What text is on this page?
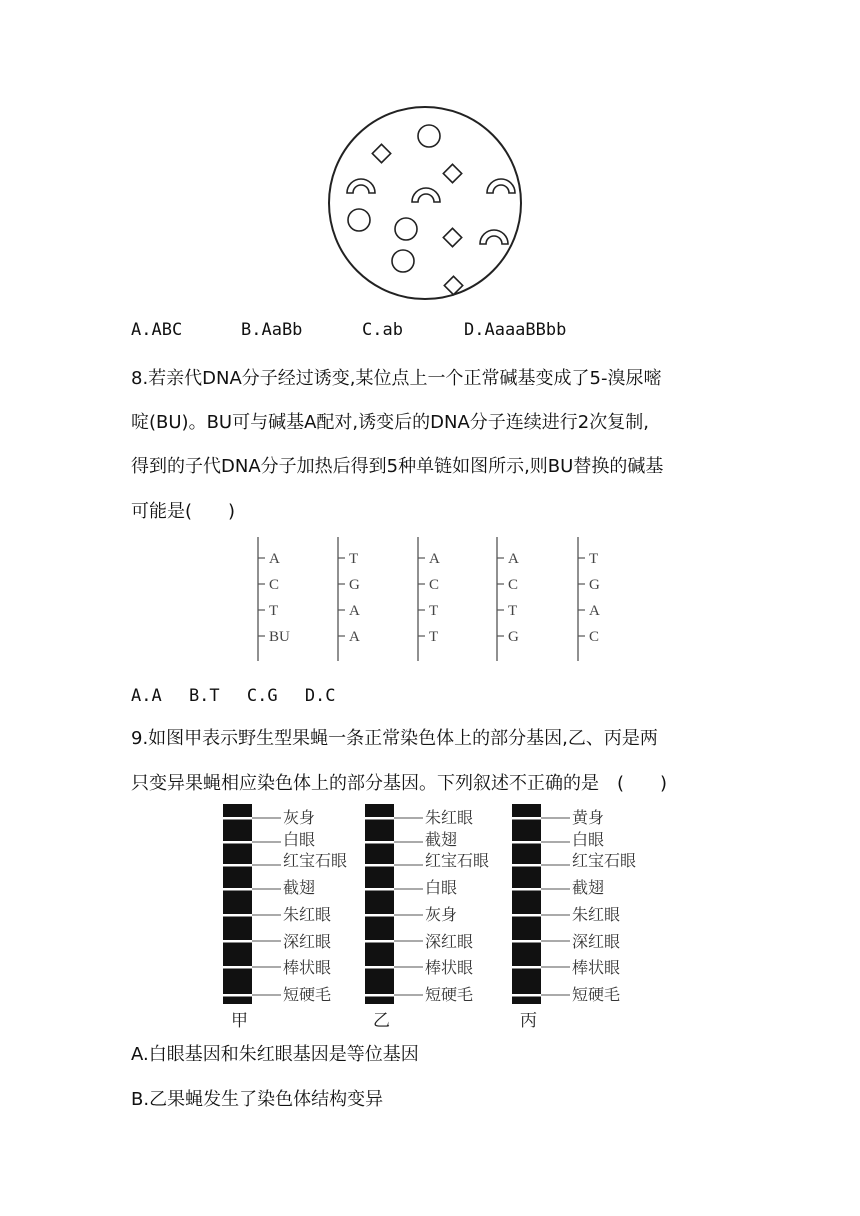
A.ABC	B.AaBb	C.ab	D.AaaaBBbb
8.若亲代DNA分子经过诱变,某位点上一个正常碱基变成了5-溴尿嘧
啶(BU)。BU可与碱基A配对,诱变后的DNA分子连续进行2次复制,
得到的子代DNA分子加热后得到5种单链如图所示,则BU替换的碱基
可能是(　　)
A
C
T
BU
T
G
A
A
A
C
T
T
A
C
T
G
T
G
A
C
A.A　 B.T　 C.G　 D.C
9.如图甲表示野生型果蝇一条正常染色体上的部分基因,乙、丙是两
只变异果蝇相应染色体上的部分基因。下列叙述不正确的是　(　　)
灰身
白眼
红宝石眼
截翅
朱红眼
深红眼
棒状眼
短硬毛
甲
朱红眼
截翅
红宝石眼
白眼
灰身
深红眼
棒状眼
短硬毛
乙
黄身
白眼
红宝石眼
截翅
朱红眼
深红眼
棒状眼
短硬毛
丙
A.白眼基因和朱红眼基因是等位基因
B.乙果蝇发生了染色体结构变异
